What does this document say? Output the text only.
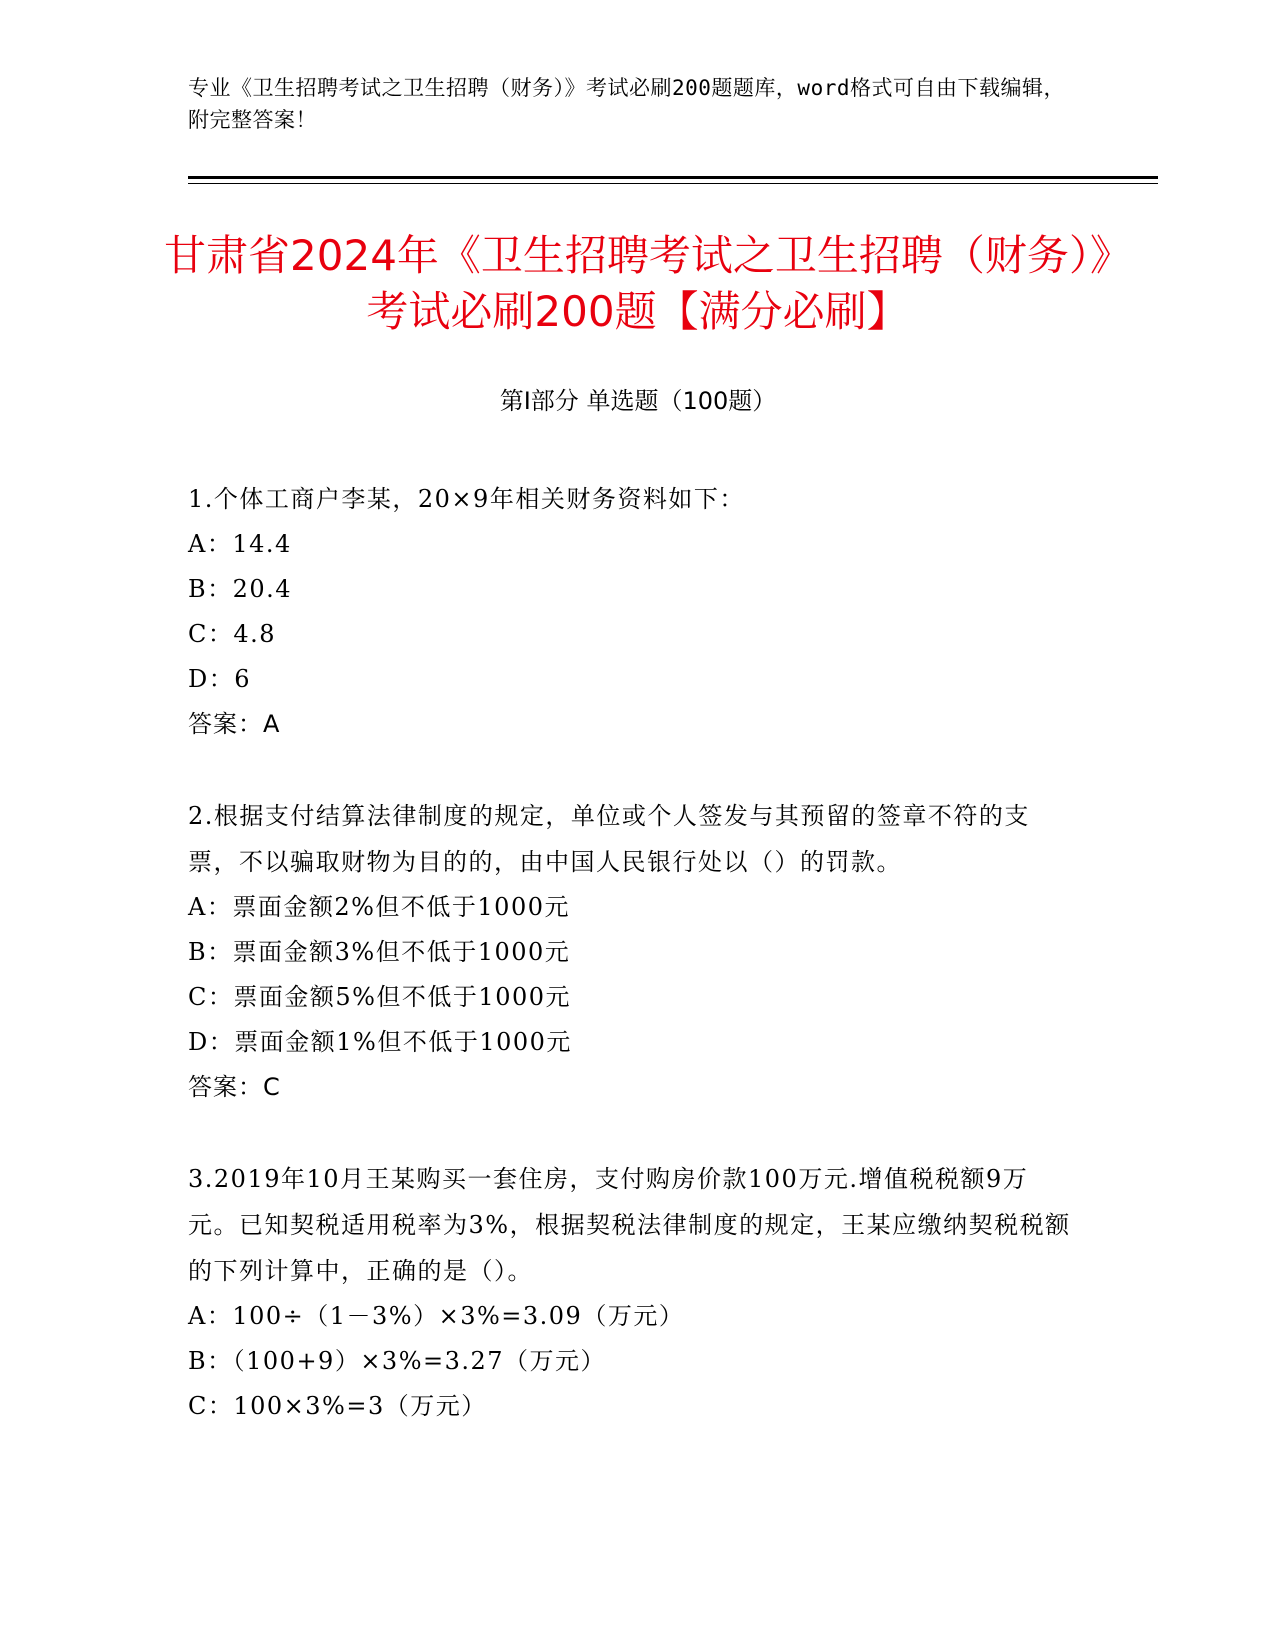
专业《卫生招聘考试之卫生招聘（财务）》考试必刷200题题库，word格式可自由下载编辑，附完整答案！
甘肃省2024年《卫生招聘考试之卫生招聘（财务）》考试必刷200题【满分必刷】
第Ⅰ部分 单选题（100题）
1.个体工商户李某，20×9年相关财务资料如下：
A：14.4
B：20.4
C：4.8
D：6
答案：A
2.根据支付结算法律制度的规定，单位或个人签发与其预留的签章不符的支票，不以骗取财物为目的的，由中国人民银行处以（）的罚款。
A：票面金额2%但不低于1000元
B：票面金额3%但不低于1000元
C：票面金额5%但不低于1000元
D：票面金额1%但不低于1000元
答案：C
3.2019年10月王某购买一套住房，支付购房价款100万元.增值税税额9万元。已知契税适用税率为3%，根据契税法律制度的规定，王某应缴纳契税税额的下列计算中，正确的是（）。
A：100÷（1－3%）×3%=3.09（万元）
B：（100+9）×3%=3.27（万元）
C：100×3%=3（万元）
